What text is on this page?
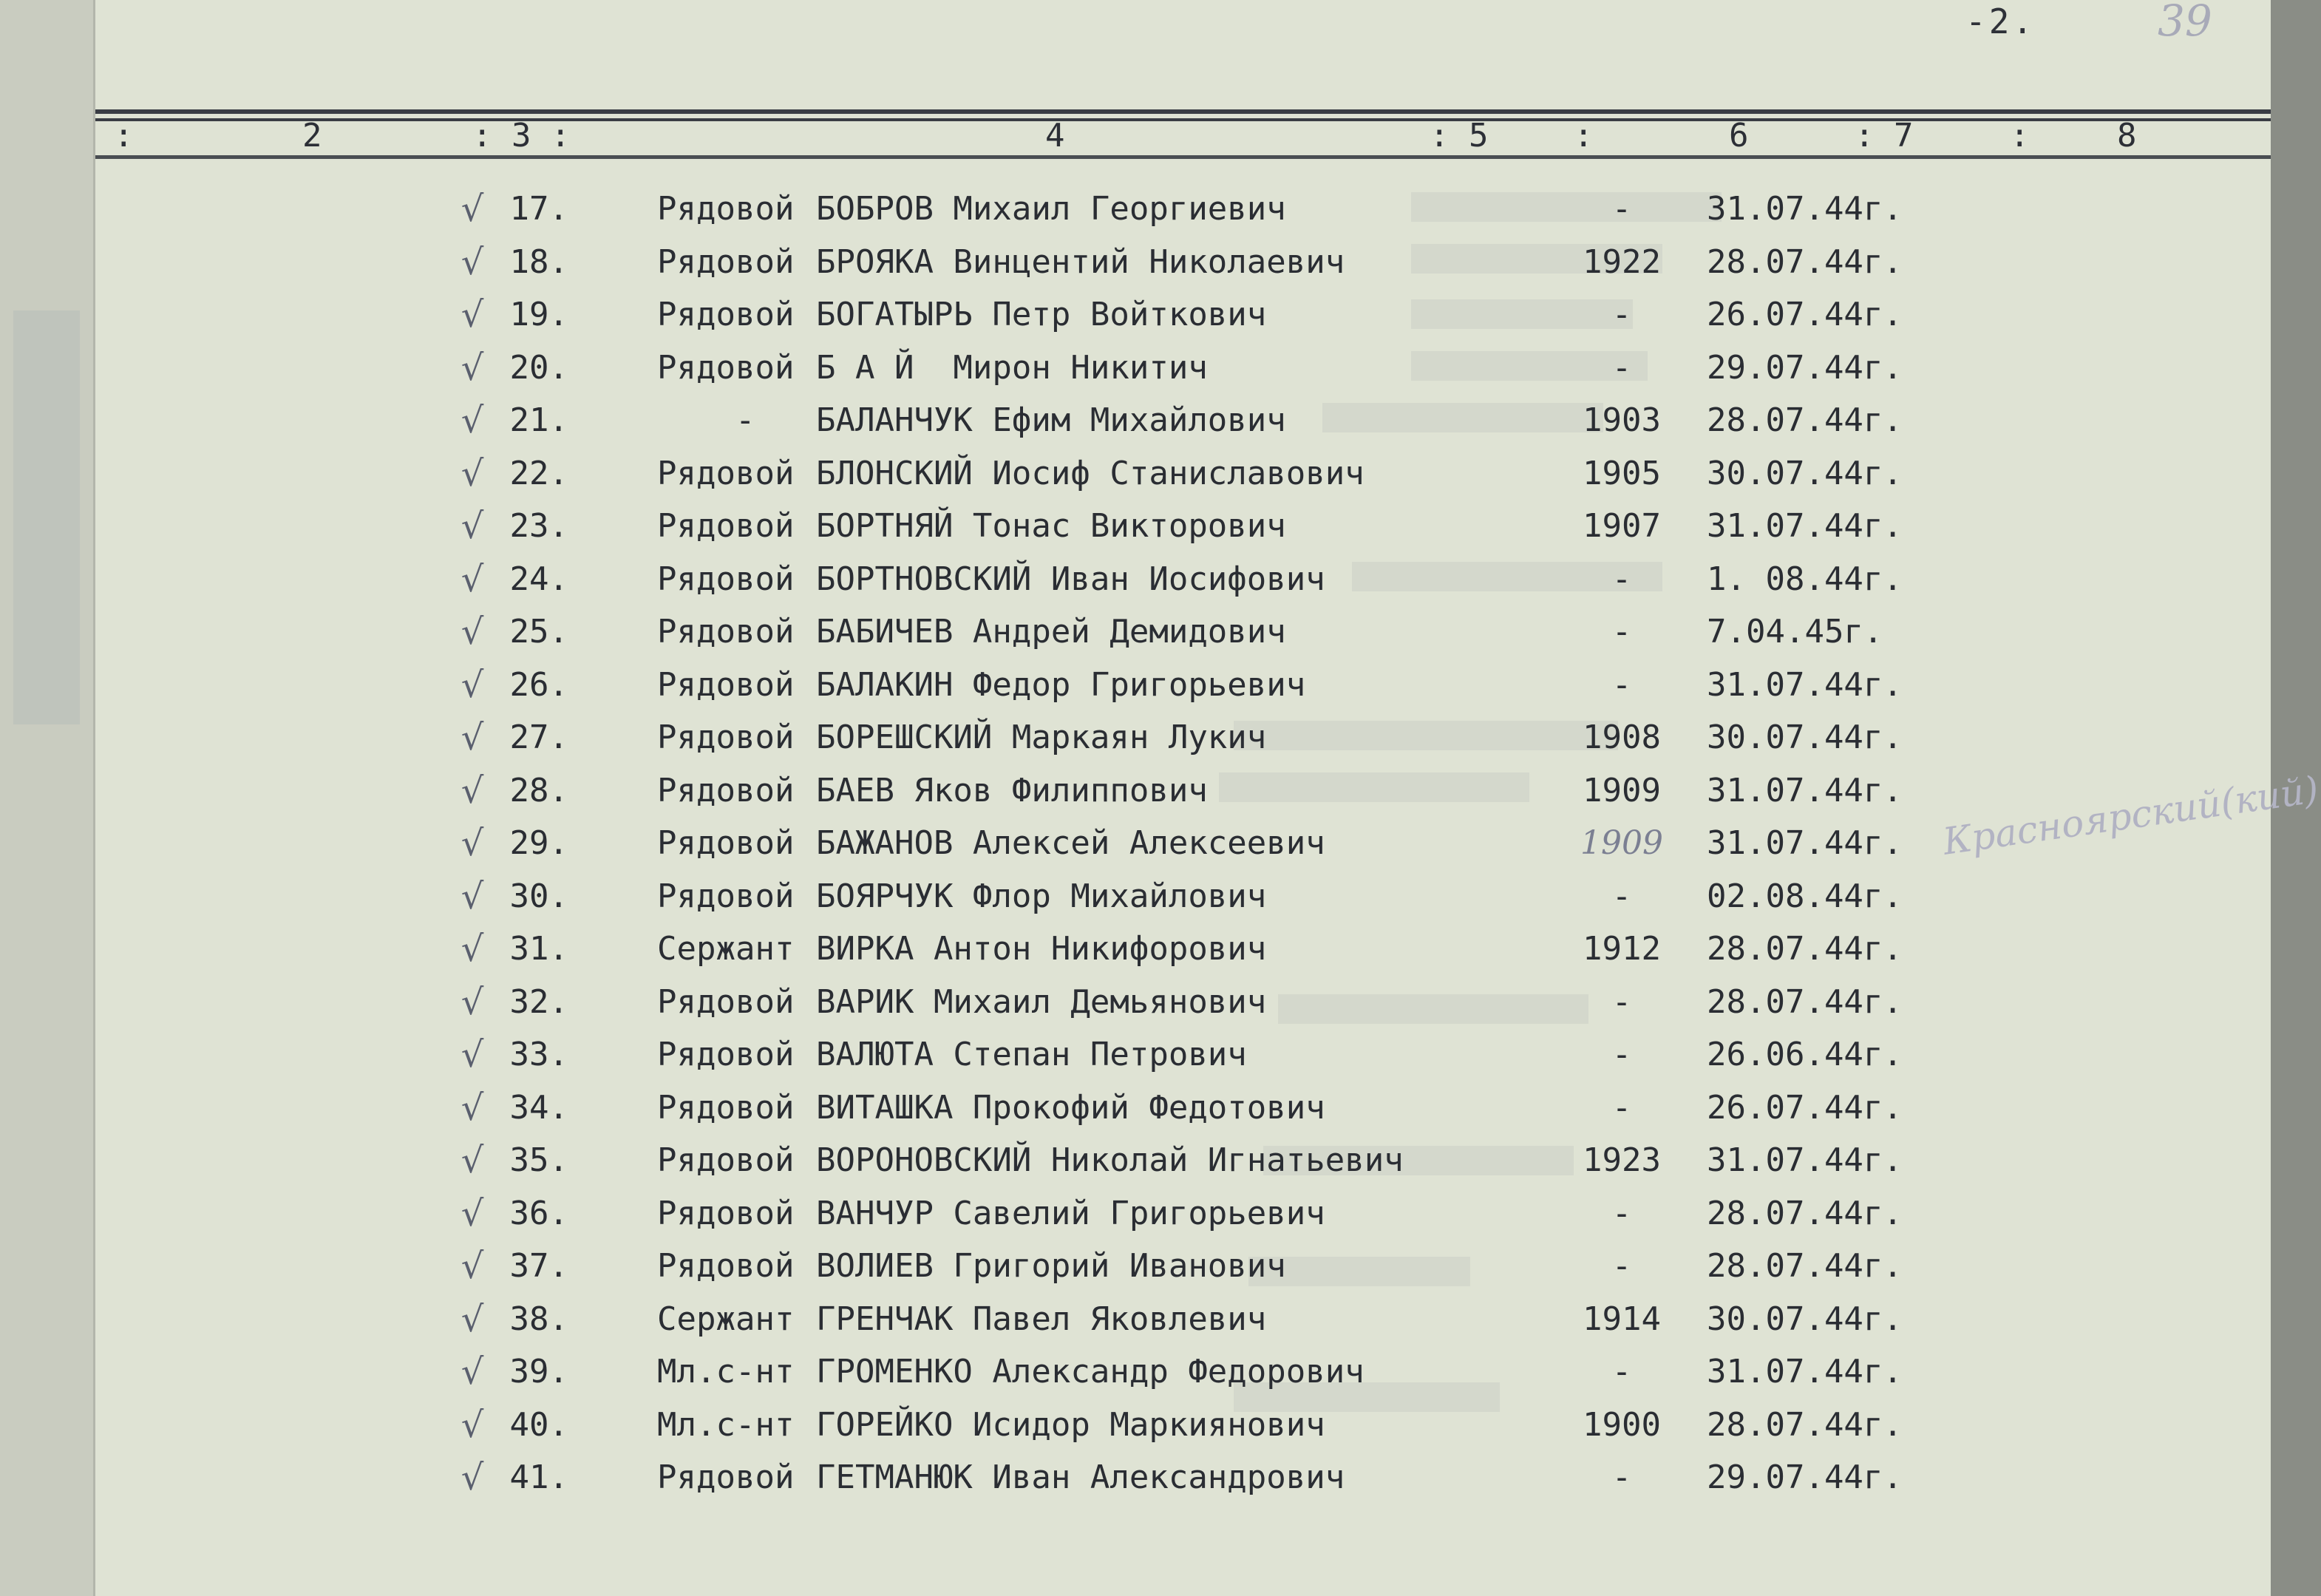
-2.	39
:	2	: 3 :	4	: 5	:	6	: 7	:	8
Красноярский(кий)
√ 17.	Рядовой БОБРОВ Михаил Георгиевич	-	31.07.44г.
√ 18.	Рядовой БРОЯКА Винцентий Николаевич	1922	28.07.44г.
√ 19.	Рядовой БОГАТЫРЬ Петр Войткович	-	26.07.44г.
√ 20.	Рядовой Б А Й  Мирон Никитич	-	29.07.44г.
√ 21.	-	БАЛАНЧУК Ефим Михайлович	1903	28.07.44г.
√ 22.	Рядовой БЛОНСКИЙ Иосиф Станиславович	1905	30.07.44г.
√ 23.	Рядовой БОРТНЯЙ Тонас Викторович	1907	31.07.44г.
√ 24.	Рядовой БОРТНОВСКИЙ Иван Иосифович	-	1. 08.44г.
√ 25.	Рядовой БАБИЧЕВ Андрей Демидович	-	7.04.45г.
√ 26.	Рядовой БАЛАКИН Федор Григорьевич	-	31.07.44г.
√ 27.	Рядовой БОРЕШСКИЙ Маркаян Лукич	1908	30.07.44г.
√ 28.	Рядовой БАЕВ Яков Филиппович	1909	31.07.44г.
√ 29.	Рядовой БАЖАНОВ Алексей Алексеевич	1909	31.07.44г.
√ 30.	Рядовой БОЯРЧУК Флор Михайлович	-	02.08.44г.
√ 31.	Сержант ВИРКА Антон Никифорович	1912	28.07.44г.
√ 32.	Рядовой ВАРИК Михаил Демьянович	-	28.07.44г.
√ 33.	Рядовой ВАЛЮТА Степан Петрович	-	26.06.44г.
√ 34.	Рядовой ВИТАШКА Прокофий Федотович	-	26.07.44г.
√ 35.	Рядовой ВОРОНОВСКИЙ Николай Игнатьевич	1923	31.07.44г.
√ 36.	Рядовой ВАНЧУР Савелий Григорьевич	-	28.07.44г.
√ 37.	Рядовой ВОЛИЕВ Григорий Иванович	-	28.07.44г.
√ 38.	Сержант ГРЕНЧАК Павел Яковлевич	1914	30.07.44г.
√ 39.	Мл.с-нт ГРОМЕНКО Александр Федорович	-	31.07.44г.
√ 40.	Мл.с-нт ГОРЕЙКО Исидор Маркиянович	1900	28.07.44г.
√ 41.	Рядовой ГЕТМАНЮК Иван Александрович	-	29.07.44г.
